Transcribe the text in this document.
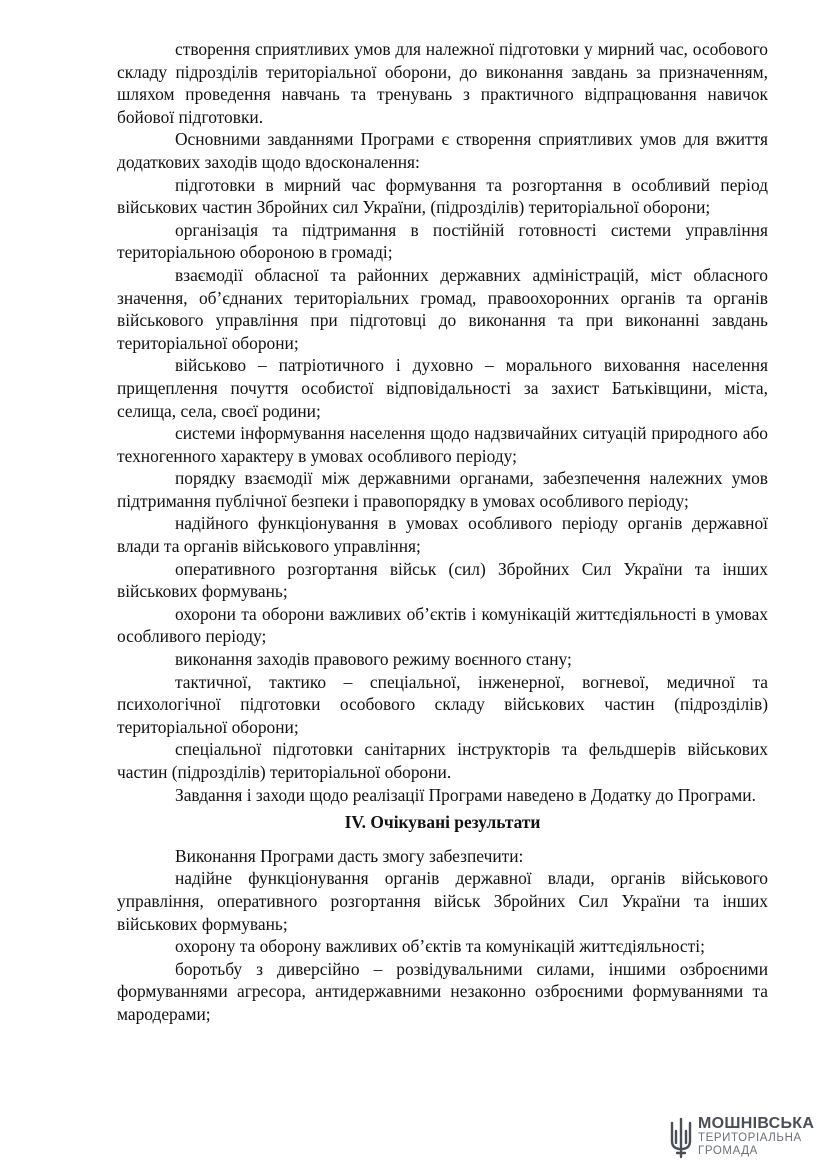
створення сприятливих умов для належної підготовки у мирний час, особового складу підрозділів територіальної оборони, до виконання завдань за призначенням, шляхом проведення навчань та тренувань з практичного відпрацювання навичок бойової підготовки.

Основними завданнями Програми є створення сприятливих умов для вжиття додаткових заходів щодо вдосконалення:

підготовки в мирний час формування та розгортання в особливий період військових частин Збройних сил України, (підрозділів) територіальної оборони;

організація та підтримання в постійній готовності системи управління територіальною обороною в громаді;

взаємодії обласної та районних державних адміністрацій, міст обласного значення, об’єднаних територіальних громад, правоохоронних органів та органів військового управління при підготовці до виконання та при виконанні завдань територіальної оборони;

військово – патріотичного і духовно – морального виховання населення прищеплення почуття особистої відповідальності за захист Батьківщини, міста, селища, села, своєї родини;

системи інформування населення щодо надзвичайних ситуацій природного або техногенного характеру в умовах особливого періоду;

порядку взаємодії між державними органами, забезпечення належних умов підтримання публічної безпеки і правопорядку в умовах особливого періоду;

надійного функціонування в умовах особливого періоду органів державної влади та органів військового управління;

оперативного розгортання військ (сил) Збройних Сил України та інших військових формувань;

охорони та оборони важливих об’єктів і комунікацій життєдіяльності в умовах особливого періоду;

виконання заходів правового режиму воєнного стану;

тактичної, тактико – спеціальної, інженерної, вогневої, медичної та психологічної підготовки особового складу військових частин (підрозділів) територіальної оборони;

спеціальної підготовки санітарних інструкторів та фельдшерів військових частин (підрозділів) територіальної оборони.

Завдання і заходи щодо реалізації Програми наведено в Додатку до Програми.

IV. Очікувані результати

Виконання Програми дасть змогу забезпечити:

надійне функціонування органів державної влади, органів військового управління, оперативного розгортання військ Збройних Сил України та інших військових формувань;

охорону та оборону важливих об’єктів та комунікацій життєдіяльності;

боротьбу з диверсійно – розвідувальними силами, іншими озброєними формуваннями агресора, антидержавними незаконно озброєними формуваннями та мародерами;

МОШНІВСЬКА
ТЕРИТОРІАЛЬНА
ГРОМАДА
